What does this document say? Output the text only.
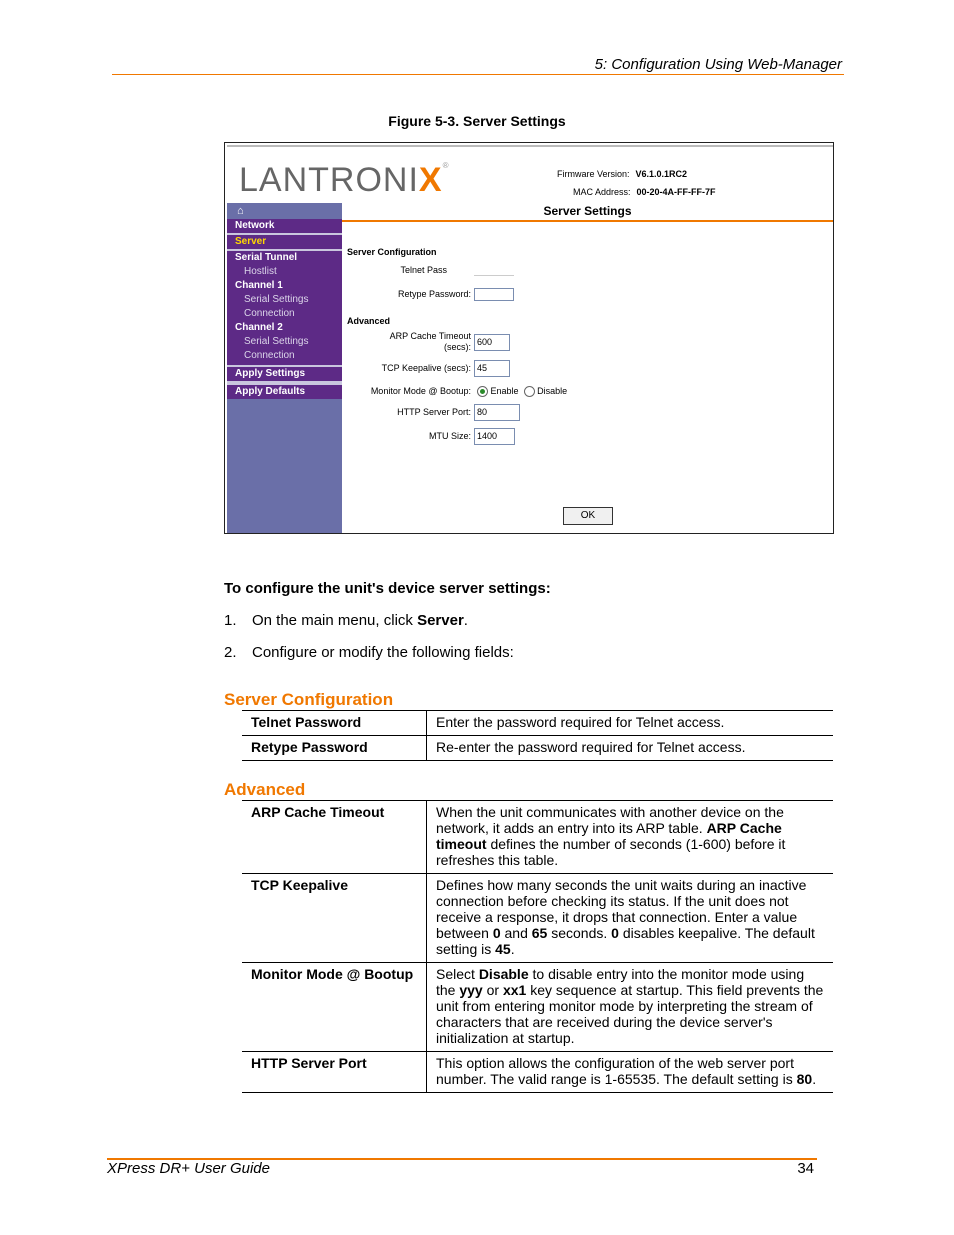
5: Configuration Using Web-Manager
Figure 5-3. Server Settings
LANTRONIX®
Firmware Version: V6.1.0.1RC2
MAC Address: 00-20-4A-FF-FF-7F
⌂
Network
Server
Serial Tunnel
Hostlist
Channel 1
Serial Settings
Connection
Channel 2
Serial Settings
Connection
Apply Settings
Apply Defaults
Server Settings
Server Configuration
Telnet Pass
Retype Password:
Advanced
ARP Cache Timeout
(secs): 600
TCP Keepalive (secs): 45
Monitor Mode @ Bootup:	Enable Disable
HTTP Server Port: 80
MTU Size: 1400
OK
To configure the unit's device server settings:
1. On the main menu, click Server.
2. Configure or modify the following fields:
Server Configuration
Telnet Password	Enter the password required for Telnet access.
Retype Password	Re-enter the password required for Telnet access.
Advanced
ARP Cache Timeout	When the unit communicates with another device on the network, it adds an entry into its ARP table. ARP Cache timeout defines the number of seconds (1-600) before it refreshes this table.
TCP Keepalive	Defines how many seconds the unit waits during an inactive connection before checking its status. If the unit does not receive a response, it drops that connection. Enter a value between 0 and 65 seconds. 0 disables keepalive. The default setting is 45.
Monitor Mode @ Bootup	Select Disable to disable entry into the monitor mode using the yyy or xx1 key sequence at startup. This field prevents the unit from entering monitor mode by interpreting the stream of characters that are received during the device server's initialization at startup.
HTTP Server Port	This option allows the configuration of the web server port number. The valid range is 1-65535. The default setting is 80.
XPress DR+ User Guide	34
